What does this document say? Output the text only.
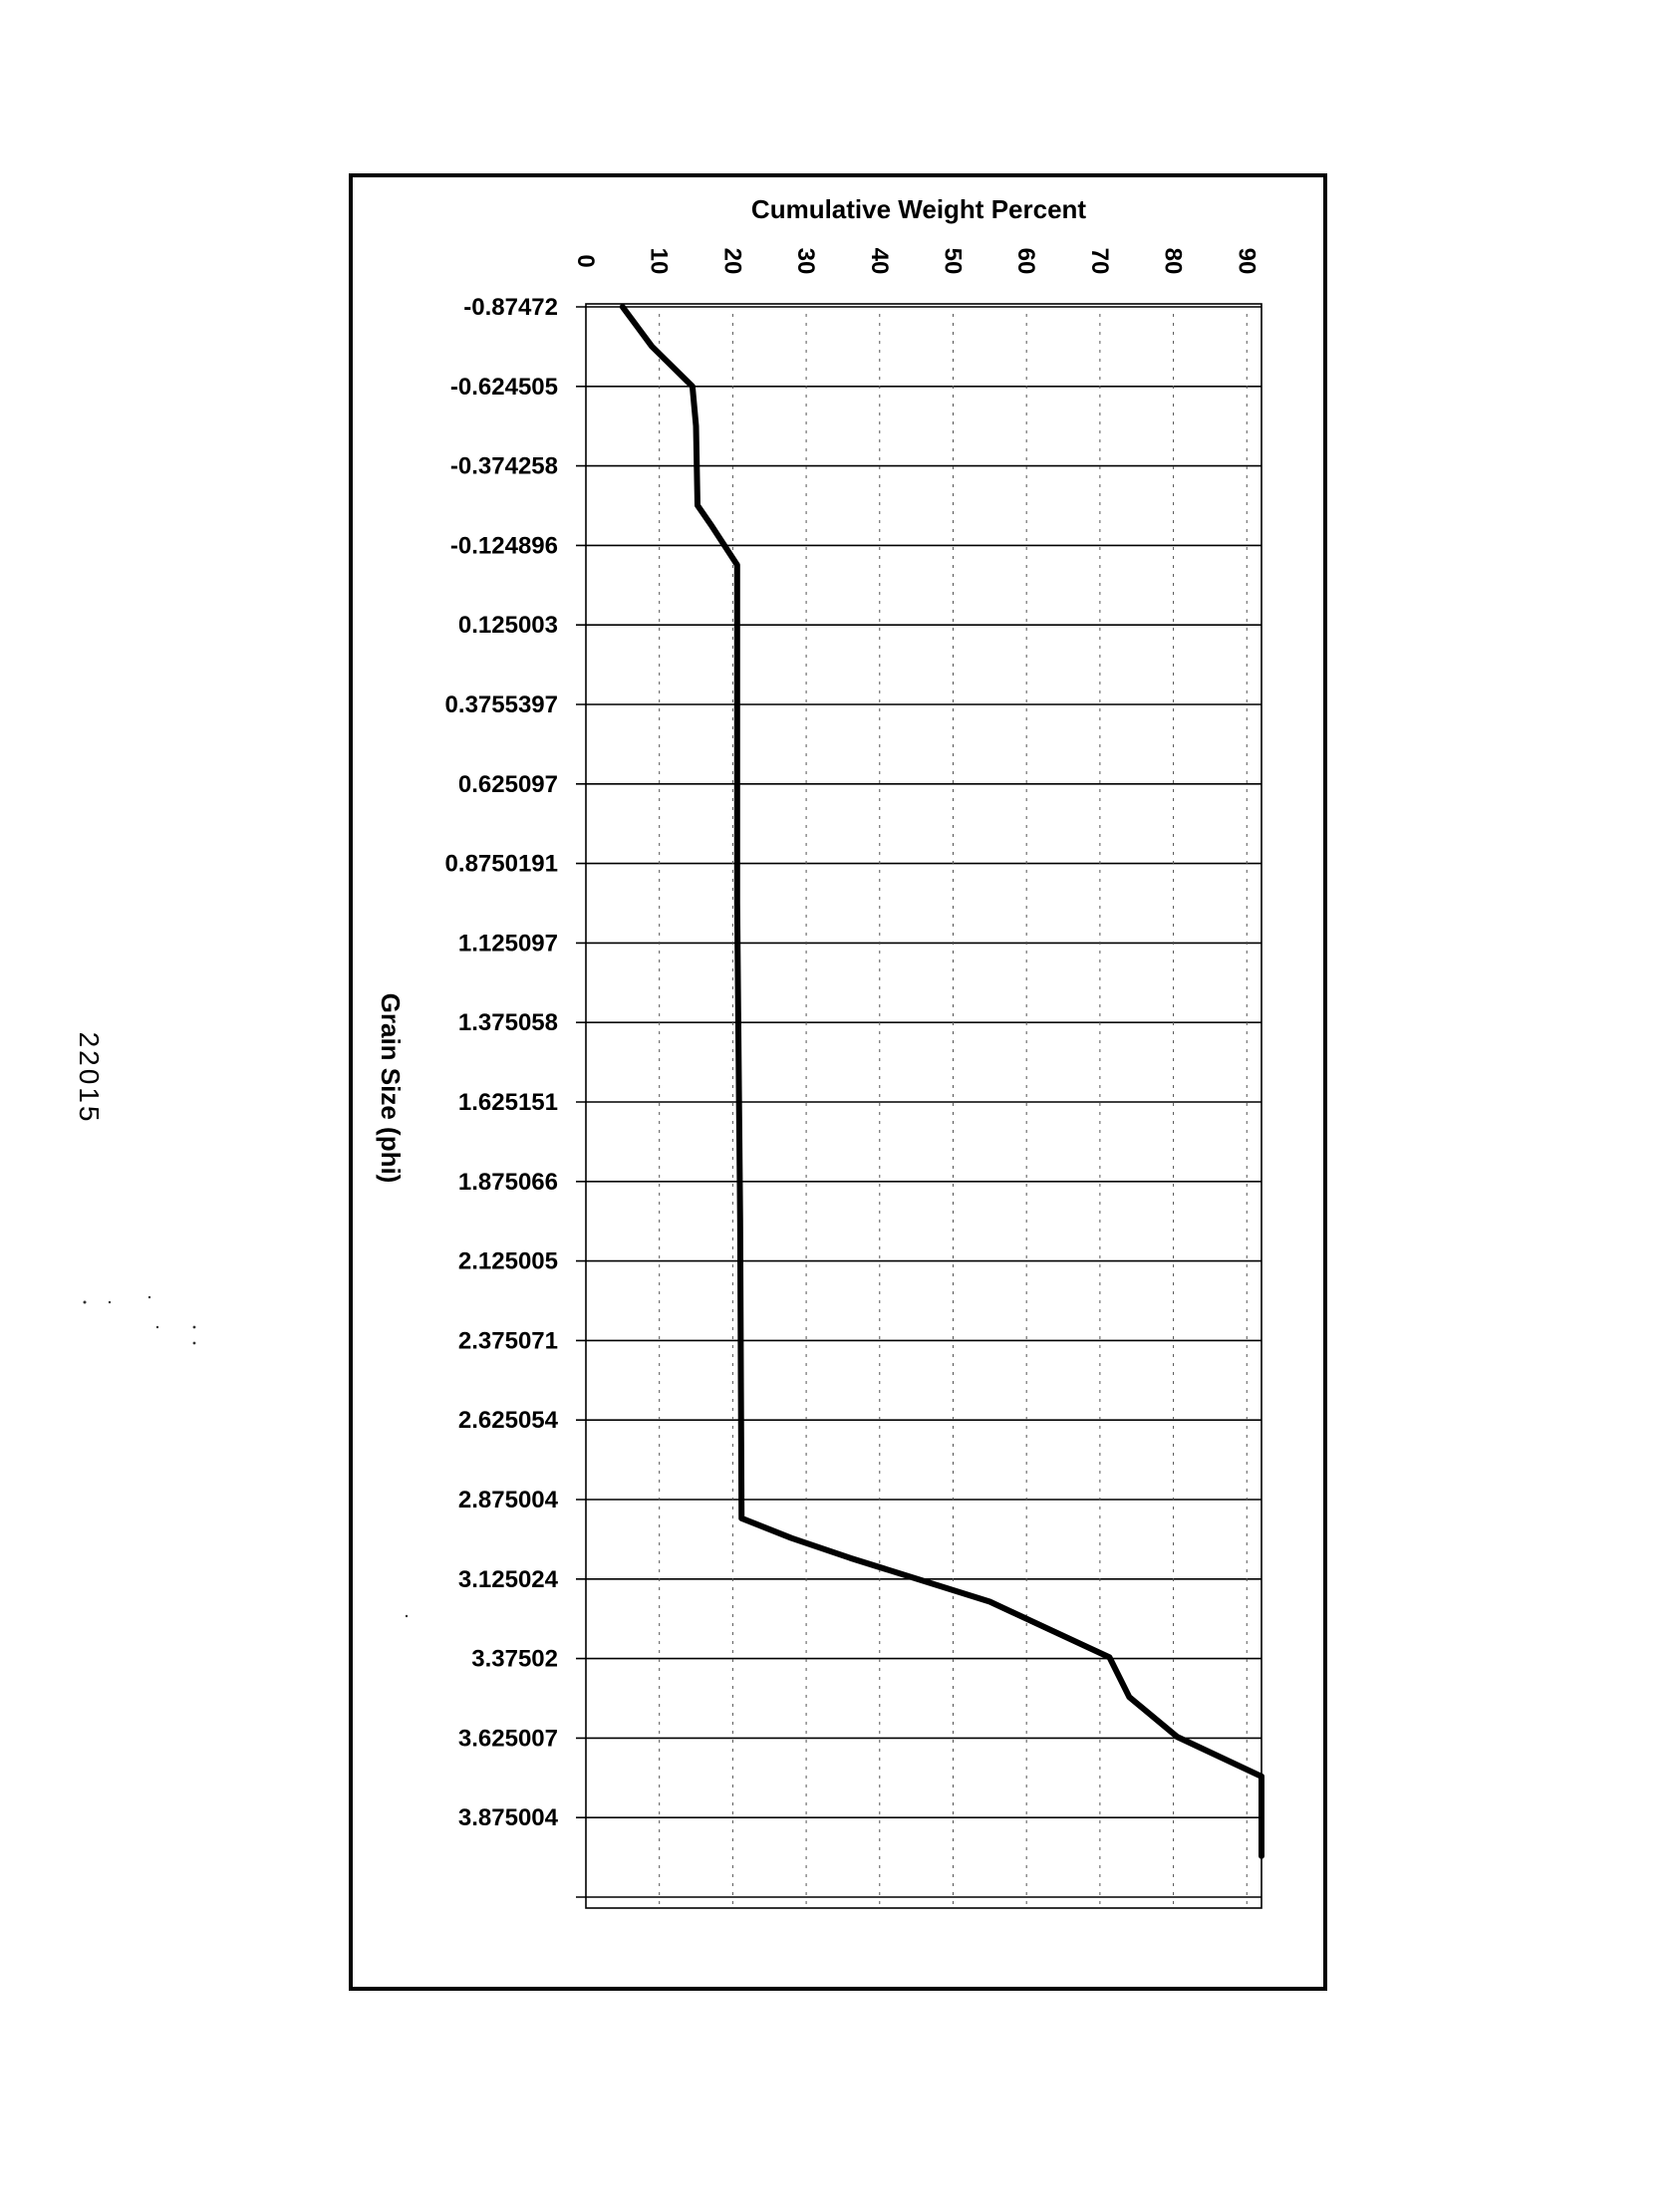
0 10 20 30 40 50 60 70 80 90
-0.87472
-0.624505
-0.374258
-0.124896
0.125003
0.3755397
0.625097
0.8750191
1.125097
1.375058
1.625151
1.875066
2.125005
2.375071
2.625054
2.875004
3.125024
3.37502
3.625007
3.875004
Cumulative Weight Percent
Grain Size (phi)
22015
